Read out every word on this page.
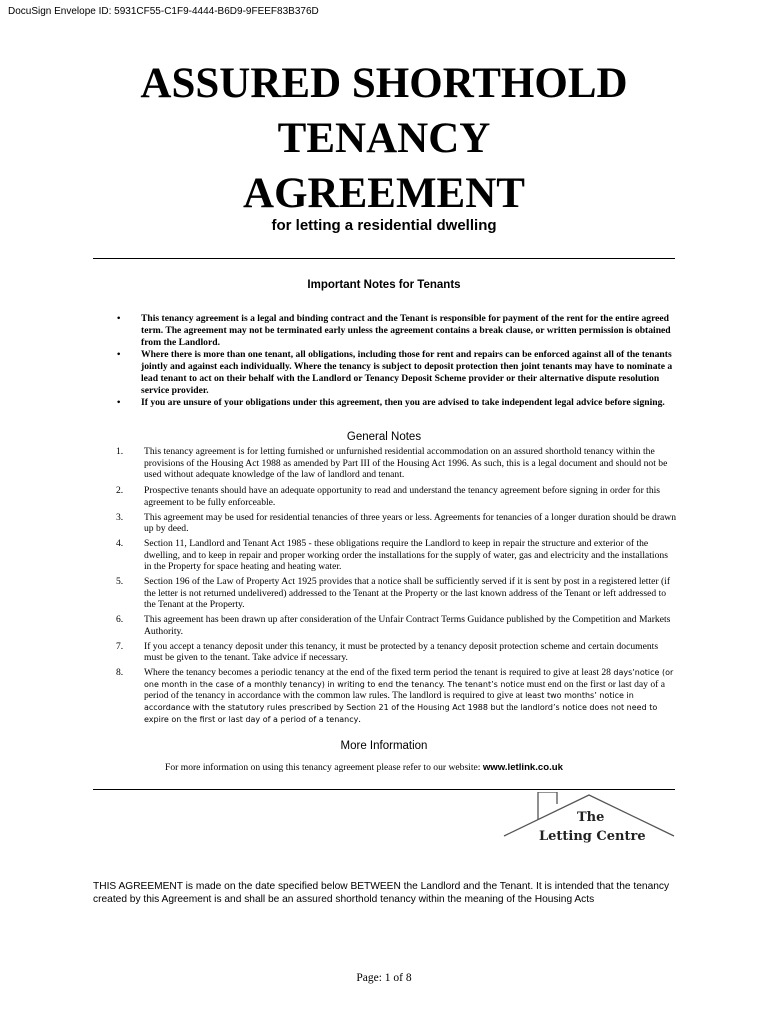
DocuSign Envelope ID: 5931CF55-C1F9-4444-B6D9-9FEEF83B376D
ASSURED SHORTHOLD
TENANCY
AGREEMENT
for letting a residential dwelling
Important Notes for Tenants
• This tenancy agreement is a legal and binding contract and the Tenant is responsible for payment of the rent for the entire agreed term. The agreement may not be terminated early unless the agreement contains a break clause, or written permission is obtained from the Landlord.
• Where there is more than one tenant, all obligations, including those for rent and repairs can be enforced against all of the tenants jointly and against each individually. Where the tenancy is subject to deposit protection then joint tenants may have to nominate a lead tenant to act on their behalf with the Landlord or Tenancy Deposit Scheme provider or their alternative dispute resolution service provider.
• If you are unsure of your obligations under this agreement, then you are advised to take independent legal advice before signing.
General Notes
1. This tenancy agreement is for letting furnished or unfurnished residential accommodation on an assured shorthold tenancy within the provisions of the Housing Act 1988 as amended by Part III of the Housing Act 1996. As such, this is a legal document and should not be used without adequate knowledge of the law of landlord and tenant.
2. Prospective tenants should have an adequate opportunity to read and understand the tenancy agreement before signing in order for this agreement to be fully enforceable.
3. This agreement may be used for residential tenancies of three years or less. Agreements for tenancies of a longer duration should be drawn up by deed.
4. Section 11, Landlord and Tenant Act 1985 - these obligations require the Landlord to keep in repair the structure and exterior of the dwelling, and to keep in repair and proper working order the installations for the supply of water, gas and electricity and the installations in the Property for space heating and heating water.
5. Section 196 of the Law of Property Act 1925 provides that a notice shall be sufficiently served if it is sent by post in a registered letter (if the letter is not returned undelivered) addressed to the Tenant at the Property or the last known address of the Tenant or left addressed to the Tenant at the Property.
6. This agreement has been drawn up after consideration of the Unfair Contract Terms Guidance published by the Competition and Markets Authority.
7. If you accept a tenancy deposit under this tenancy, it must be protected by a tenancy deposit protection scheme and certain documents must be given to the tenant. Take advice if necessary.
8. Where the tenancy becomes a periodic tenancy at the end of the fixed term period the tenant is required to give at least 28 days’notice (or one month in the case of a monthly tenancy) in writing to end the tenancy. The tenant’s notice must end on the first or last day of a period of the tenancy in accordance with the common law rules. The landlord is required to give at least two months’ notice in accordance with the statutory rules prescribed by Section 21 of the Housing Act 1988 but the landlord’s notice does not need to expire on the first or last day of a period of a tenancy.
More Information
For more information on using this tenancy agreement please refer to our website: www.letlink.co.uk
The
Letting Centre
THIS AGREEMENT is made on the date specified below BETWEEN the Landlord and the Tenant. It is intended that the tenancy created by this Agreement is and shall be an assured shorthold tenancy within the meaning of the Housing Acts
Page: 1 of 8
